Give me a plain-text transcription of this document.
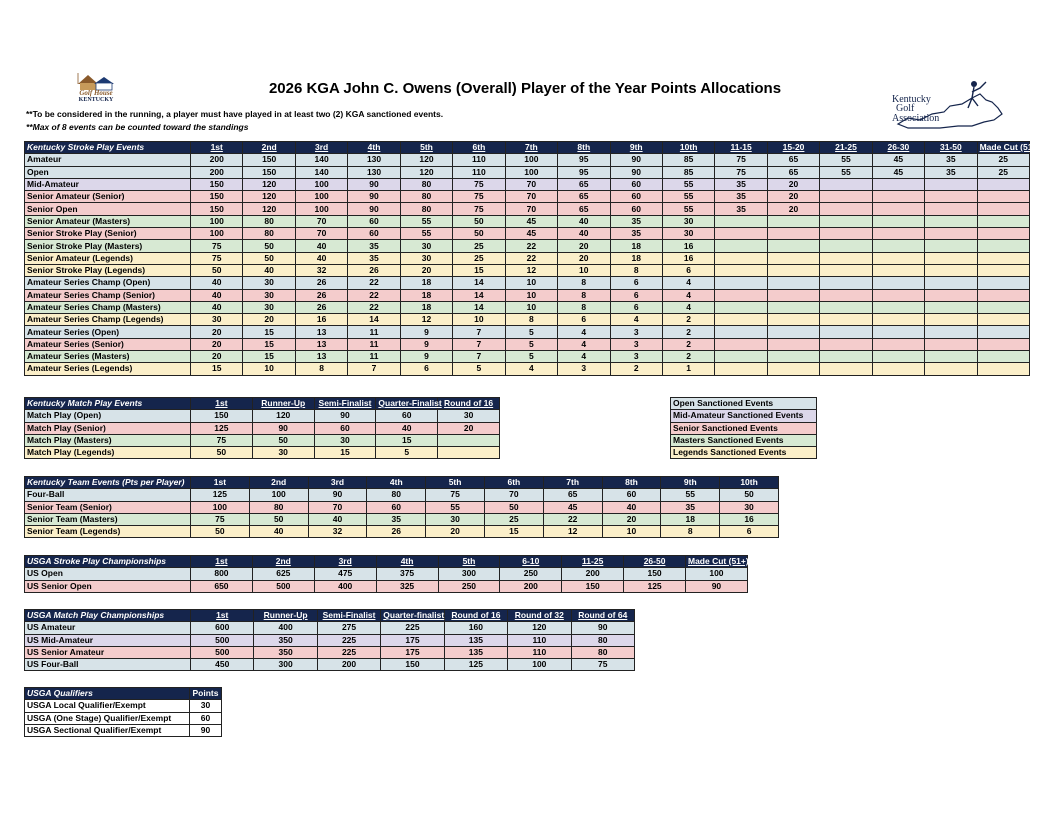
Golf House
KENTUCKY	Kentucky
Golf
Association
2026 KGA John C. Owens (Overall) Player of the Year Points Allocations
**To be considered in the running, a player must have played in at least two (2) KGA sanctioned events.
**Max of 8 events can be counted toward the standings
Kentucky Stroke Play Events	1st	2nd	3rd	4th	5th	6th	7th	8th	9th	10th	11-15	15-20	21-25	26-30	31-50	Made Cut (51+)
Amateur	200	150	140	130	120	110	100	95	90	85	75	65	55	45	35	25
Open	200	150	140	130	120	110	100	95	90	85	75	65	55	45	35	25
Mid-Amateur	150	120	100	90	80	75	70	65	60	55	35	20				
Senior Amateur (Senior)	150	120	100	90	80	75	70	65	60	55	35	20				
Senior Open	150	120	100	90	80	75	70	65	60	55	35	20				
Senior Amateur (Masters)	100	80	70	60	55	50	45	40	35	30						
Senior Stroke Play (Senior)	100	80	70	60	55	50	45	40	35	30						
Senior Stroke Play (Masters)	75	50	40	35	30	25	22	20	18	16						
Senior Amateur (Legends)	75	50	40	35	30	25	22	20	18	16						
Senior Stroke Play (Legends)	50	40	32	26	20	15	12	10	8	6						
Amateur Series Champ (Open)	40	30	26	22	18	14	10	8	6	4						
Amateur Series Champ (Senior)	40	30	26	22	18	14	10	8	6	4						
Amateur Series Champ (Masters)	40	30	26	22	18	14	10	8	6	4						
Amateur Series Champ (Legends)	30	20	16	14	12	10	8	6	4	2						
Amateur Series (Open)	20	15	13	11	9	7	5	4	3	2						
Amateur Series (Senior)	20	15	13	11	9	7	5	4	3	2						
Amateur Series (Masters)	20	15	13	11	9	7	5	4	3	2						
Amateur Series (Legends)	15	10	8	7	6	5	4	3	2	1						
Kentucky Match Play Events	1st	Runner-Up	Semi-Finalist	Quarter-Finalist	Round of 16
Match Play (Open)	150	120	90	60	30
Match Play (Senior)	125	90	60	40	20
Match Play (Masters)	75	50	30	15	
Match Play (Legends)	50	30	15	5	
Kentucky Team Events (Pts per Player)	1st	2nd	3rd	4th	5th	6th	7th	8th	9th	10th
Four-Ball	125	100	90	80	75	70	65	60	55	50
Senior Team (Senior)	100	80	70	60	55	50	45	40	35	30
Senior Team (Masters)	75	50	40	35	30	25	22	20	18	16
Senior Team (Legends)	50	40	32	26	20	15	12	10	8	6
USGA Stroke Play Championships	1st	2nd	3rd	4th	5th	6-10	11-25	26-50	Made Cut (51+)
US Open	800	625	475	375	300	250	200	150	100
US Senior Open	650	500	400	325	250	200	150	125	90
USGA Match Play Championships	1st	Runner-Up	Semi-Finalist	Quarter-finalist	Round of 16	Round of 32	Round of 64
US Amateur	600	400	275	225	160	120	90
US Mid-Amateur	500	350	225	175	135	110	80
US Senior Amateur	500	350	225	175	135	110	80
US Four-Ball	450	300	200	150	125	100	75
USGA Qualifiers	Points
USGA Local Qualifier/Exempt	30
USGA (One Stage) Qualifier/Exempt	60
USGA Sectional Qualifier/Exempt	90
Open Sanctioned Events
Mid-Amateur Sanctioned Events
Senior Sanctioned Events
Masters Sanctioned Events
Legends Sanctioned Events
